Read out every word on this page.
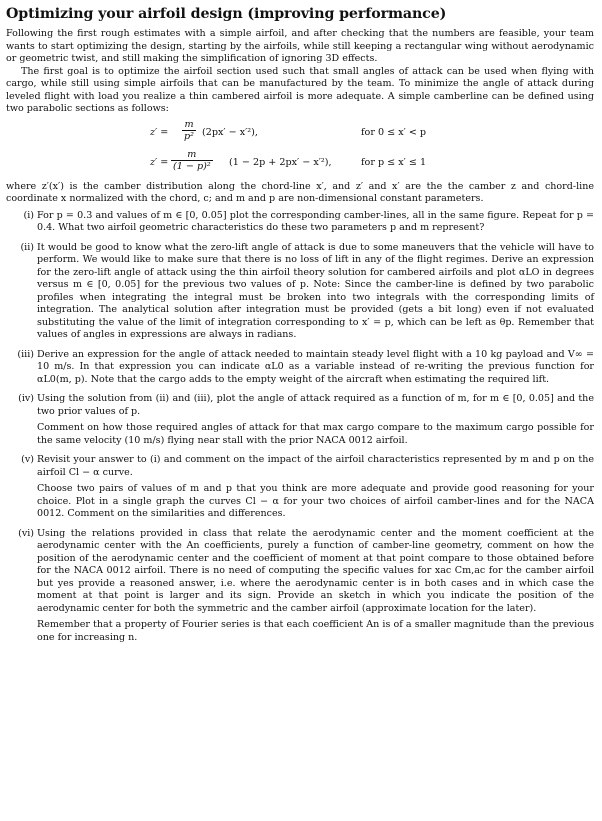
Optimizing your airfoil design (improving performance)

Following the first rough estimates with a simple airfoil, and after checking that the numbers are feasible, your team wants to start optimizing the design, starting by the airfoils, while still keeping a rectangular wing without aerodynamic or geometric twist, and still making the simplification of ignoring 3D effects.

The first goal is to optimize the airfoil section used such that small angles of attack can be used when flying with cargo, while still using simple airfoils that can be manufactured by the team. To minimize the angle of attack during leveled flight with load you realize a thin cambered airfoil is more adequate. A simple camberline can be defined using two parabolic sections as follows:

$z' = \frac{m}{\text{p²}} (2px' - x'^2)$,	for 0 ≤ x′ < p
$z' = \frac{m}{\text{(1 − p)²}} (1 - 2p + 2px' - x'^2)$,	for p ≤ x′ ≤ 1

where z′(x′) is the camber distribution along the chord-line x′, and z′ and x′ are the the camber z and chord-line coordinate x normalized with the chord, c; and m and p are non-dimensional constant parameters.

(i) For p = 0.3 and values of m ∈ [0, 0.05] plot the corresponding camber-lines, all in the same figure. Repeat for p = 0.4. What two airfoil geometric characteristics do these two parameters p and m represent?

(ii) It would be good to know what the zero-lift angle of attack is due to some maneuvers that the vehicle will have to perform. We would like to make sure that there is no loss of lift in any of the flight regimes. Derive an expression for the zero-lift angle of attack using the thin airfoil theory solution for cambered airfoils and plot αLO in degrees versus m ∈ [0, 0.05] for the previous two values of p. Note: Since the camber-line is defined by two parabolic profiles when integrating the integral must be broken into two integrals with the corresponding limits of integration. The analytical solution after integration must be provided (gets a bit long) even if not evaluated substituting the value of the limit of integration corresponding to x′ = p, which can be left as θp. Remember that values of angles in expressions are always in radians.

(iii) Derive an expression for the angle of attack needed to maintain steady level flight with a 10 kg payload and V∞ = 10 m/s. In that expression you can indicate αL0 as a variable instead of re-writing the previous function for αL0(m, p). Note that the cargo adds to the empty weight of the aircraft when estimating the required lift.

(iv) Using the solution from (ii) and (iii), plot the angle of attack required as a function of m, for m ∈ [0, 0.05] and the two prior values of p.

Comment on how those required angles of attack for that max cargo compare to the maximum cargo possible for the same velocity (10 m/s) flying near stall with the prior NACA 0012 airfoil.

(v) Revisit your answer to (i) and comment on the impact of the airfoil characteristics represented by m and p on the airfoil Cl − α curve.

Choose two pairs of values of m and p that you think are more adequate and provide good reasoning for your choice. Plot in a single graph the curves Cl − α for your two choices of airfoil camber-lines and for the NACA 0012. Comment on the similarities and differences.

(vi) Using the relations provided in class that relate the aerodynamic center and the moment coefficient at the aerodynamic center with the An coefficients, purely a function of camber-line geometry, comment on how the position of the aerodynamic center and the coefficient of moment at that point compare to those obtained before for the NACA 0012 airfoil. There is no need of computing the specific values for xac Cm,ac for the camber airfoil but yes provide a reasoned answer, i.e. where the aerodynamic center is in both cases and in which case the moment at that point is larger and its sign. Provide an sketch in which you indicate the position of the aerodynamic center for both the symmetric and the camber airfoil (approximate location for the later).

Remember that a property of Fourier series is that each coefficient An is of a smaller magnitude than the previous one for increasing n.
